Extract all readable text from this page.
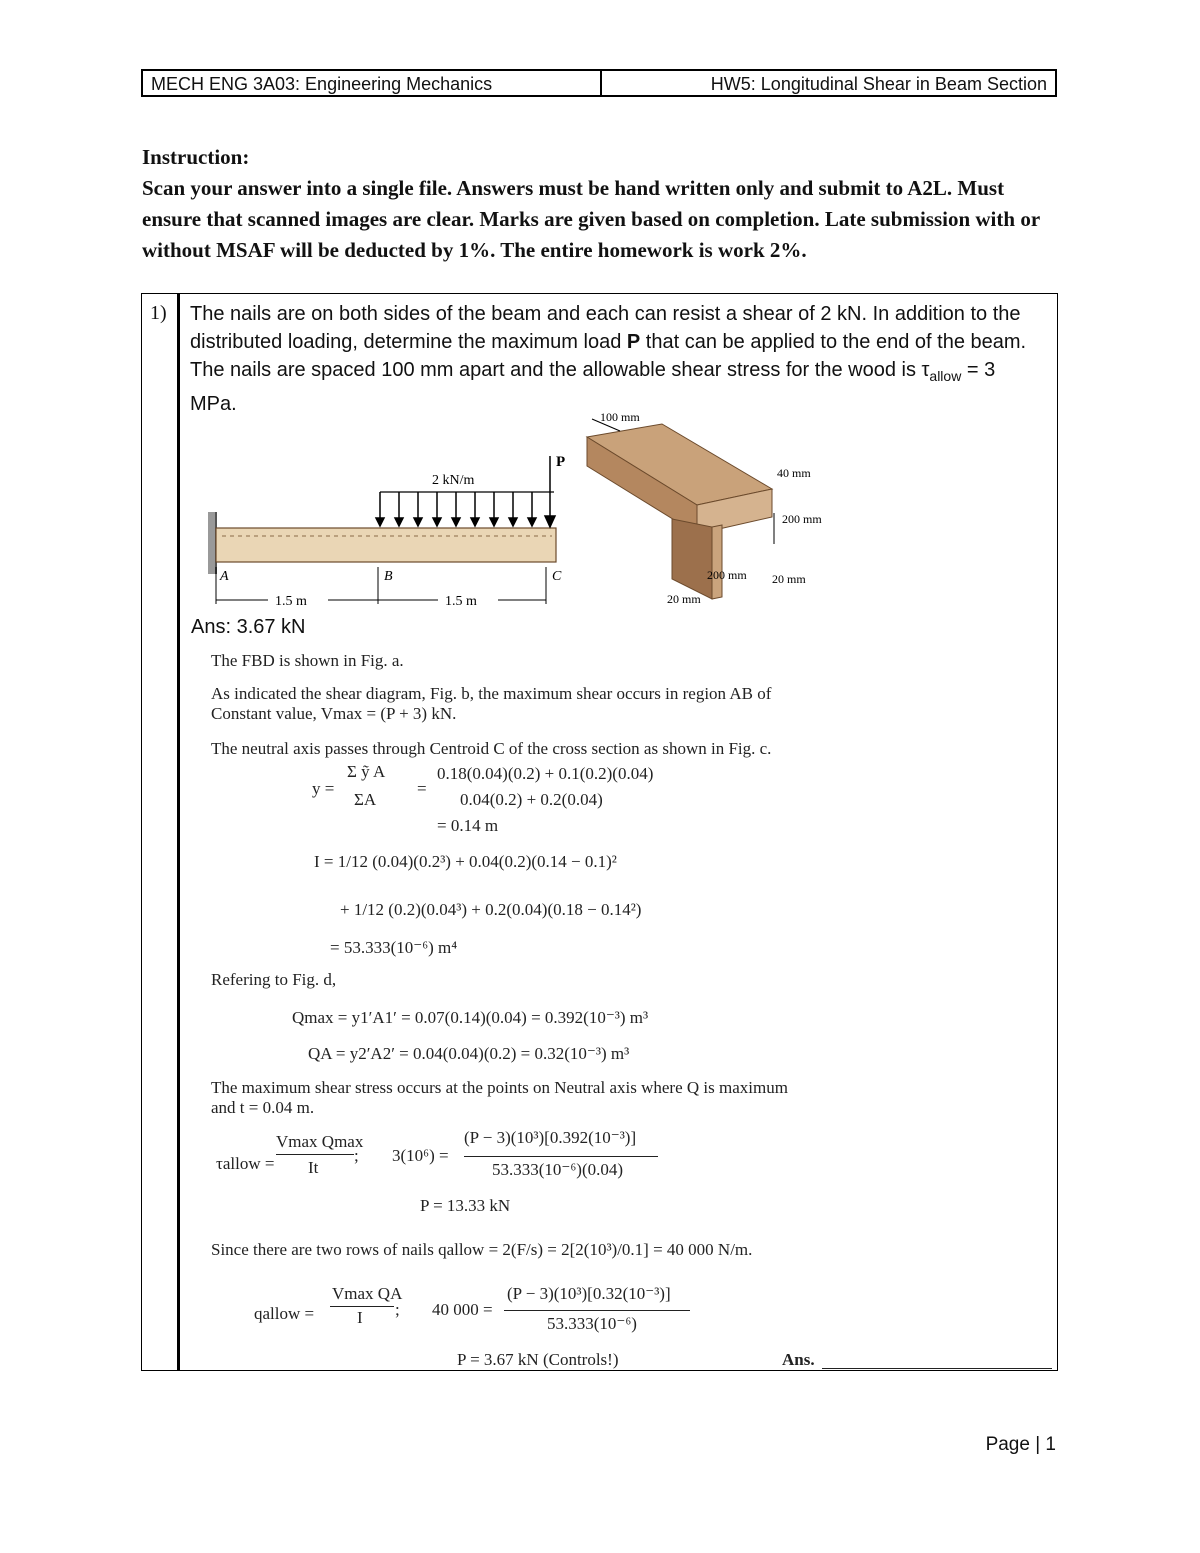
MECH ENG 3A03: Engineering Mechanics	HW5: Longitudinal Shear in Beam Section
Instruction:
Scan your answer into a single file. Answers must be hand written only and submit to A2L. Must ensure that scanned images are clear. Marks are given based on completion. Late submission with or without MSAF will be deducted by 1%. The entire homework is work 2%.
1) The nails are on both sides of the beam and each can resist a shear of 2 kN. In addition to the distributed loading, determine the maximum load P that can be applied to the end of the beam. The nails are spaced 100 mm apart and the allowable shear stress for the wood is $\tau_{allow} = 3$ MPa.
2 kN/m
P
A	B	C
1.5 m	1.5 m
100 mm
40 mm
200 mm
200 mm 20 mm
20 mm
Ans: 3.67 kN
The FBD is shown in Fig. a.
As indicated the shear diagram, Fig. b, the maximum shear occurs in region AB of
Constant value, Vmax = (P + 3) kN.
The neutral axis passes through Centroid C of the cross section as shown in Fig. c.
y =
Σ ỹ A
ΣA
=
0.18(0.04)(0.2) + 0.1(0.2)(0.04)
0.04(0.2) + 0.2(0.04)
= 0.14 m
I = 1/12 (0.04)(0.2³) + 0.04(0.2)(0.14 − 0.1)²
+ 1/12 (0.2)(0.04³) + 0.2(0.04)(0.18 − 0.14²)
= 53.333(10⁻⁶) m⁴
Refering to Fig. d,
Qmax = y1′A1′ = 0.07(0.14)(0.04) = 0.392(10⁻³) m³
QA = y2′A2′ = 0.04(0.04)(0.2) = 0.32(10⁻³) m³
The maximum shear stress occurs at the points on Neutral axis where Q is maximum
and t = 0.04 m.
τallow =
Vmax Qmax
It
; 3(10⁶) =
(P − 3)(10³)[0.392(10⁻³)]
53.333(10⁻⁶)(0.04)
P = 13.33 kN
Since there are two rows of nails qallow = 2(F/s) = 2[2(10³)/0.1] = 40 000 N/m.
qallow =
Vmax QA
I ; 40 000 =
(P − 3)(10³)[0.32(10⁻³)]
53.333(10⁻⁶)
P = 3.67 kN (Controls!)	Ans.
Page | 1
